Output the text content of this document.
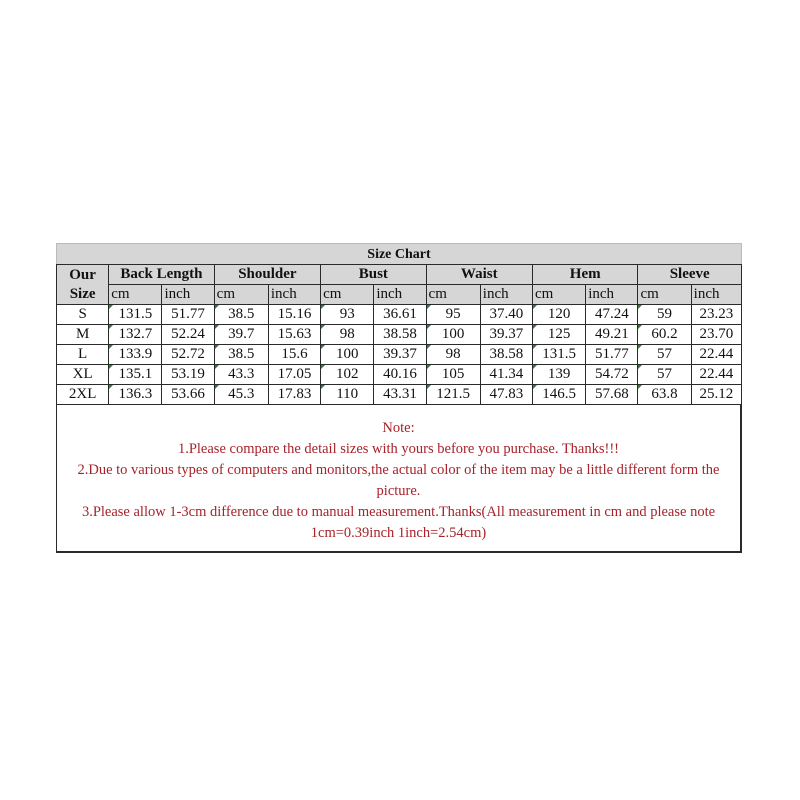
Size Chart												
Our
Size	Back Length		Shoulder		Bust		Waist		Hem		Sleeve	
	cm	inch	cm	inch	cm	inch	cm	inch	cm	inch	cm	inch
S	131.5	51.77	38.5	15.16	93	36.61	95	37.40	120	47.24	59	23.23
M	132.7	52.24	39.7	15.63	98	38.58	100	39.37	125	49.21	60.2	23.70
L	133.9	52.72	38.5	15.6	100	39.37	98	38.58	131.5	51.77	57	22.44
XL	135.1	53.19	43.3	17.05	102	40.16	105	41.34	139	54.72	57	22.44
2XL	136.3	53.66	45.3	17.83	110	43.31	121.5	47.83	146.5	57.68	63.8	25.12
Note:
1.Please compare the detail sizes with yours before you purchase. Thanks!!!
2.Due to various types of computers and monitors,the actual color of the item may be a little different form the
picture.
3.Please allow 1-3cm difference due to manual measurement.Thanks(All measurement in cm and please note
1cm=0.39inch 1inch=2.54cm)
